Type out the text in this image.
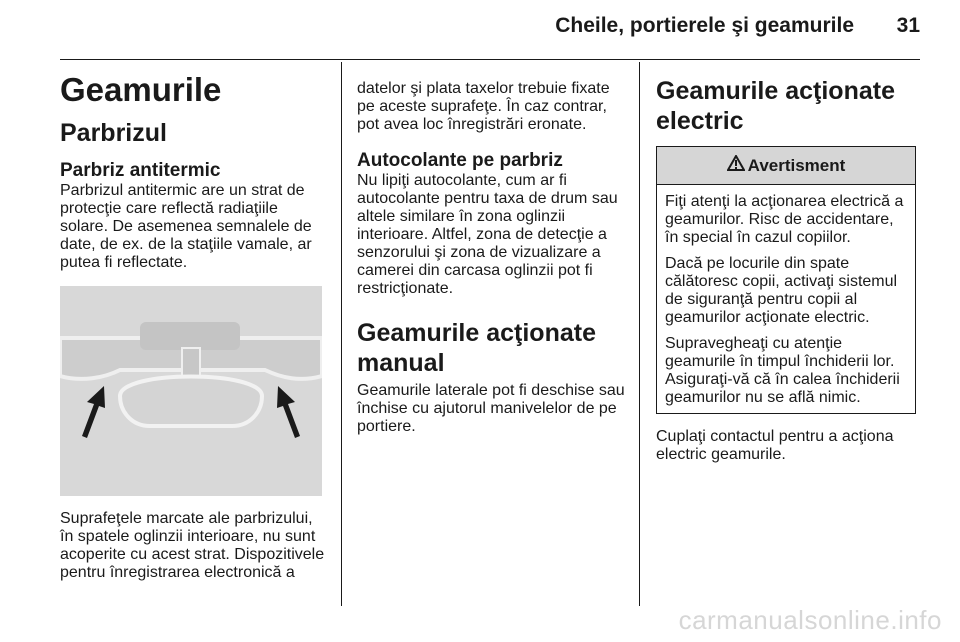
Cheile, portierele şi geamurile 31
Geamurile
Parbrizul
Parbriz antitermic

Parbrizul antitermic are un strat de protecţie care reflectă radiaţiile solare. De asemenea semnalele de date, de ex. de la staţiile vamale, ar putea fi reflectate.

Suprafeţele marcate ale parbrizului, în spatele oglinzii interioare, nu sunt acoperite cu acest strat. Dispozitivele pentru înregistrarea electronică a

datelor şi plata taxelor trebuie fixate pe aceste suprafeţe. În caz contrar, pot avea loc înregistrări eronate.

Autocolante pe parbriz

Nu lipiţi autocolante, cum ar fi autocolante pentru taxa de drum sau altele similare în zona oglinzii interioare. Altfel, zona de detecţie a senzorului şi zona de vizualizare a camerei din carcasa oglinzii pot fi restricţionate.

Geamurile acţionate manual

Geamurile laterale pot fi deschise sau închise cu ajutorul manivelelor de pe portiere.

Geamurile acţionate electric
Avertisment

Fiţi atenţi la acţionarea electrică a geamurilor. Risc de accidentare, în special în cazul copiilor.

Dacă pe locurile din spate călătoresc copii, activaţi sistemul de siguranţă pentru copii al geamurilor acţionate electric.

Supravegheaţi cu atenţie geamurile în timpul închiderii lor. Asiguraţi-vă că în calea închiderii geamurilor nu se află nimic.

Cuplaţi contactul pentru a acţiona electric geamurile.

carmanualsonline.info
